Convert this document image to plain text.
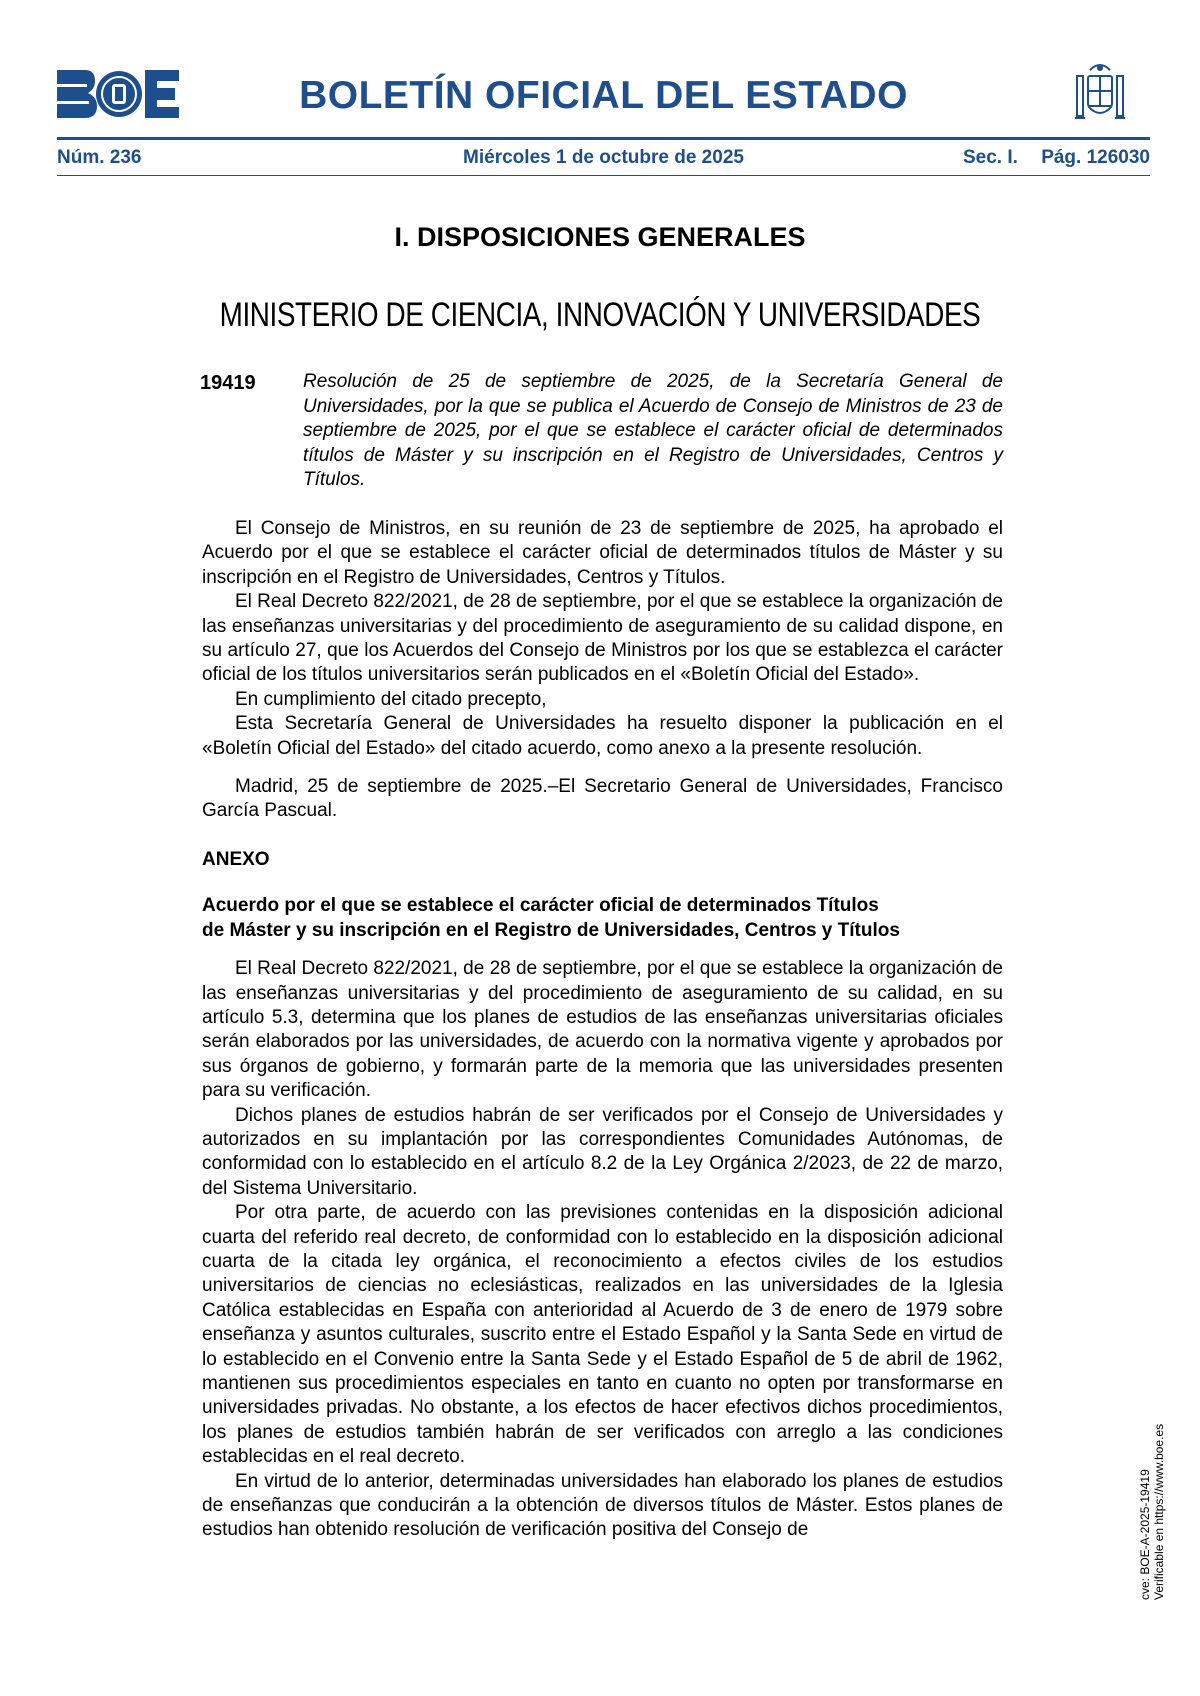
BOLETÍN OFICIAL DEL ESTADO
Núm. 236	Miércoles 1 de octubre de 2025	Sec. I. Pág. 126030
I. DISPOSICIONES GENERALES
MINISTERIO DE CIENCIA, INNOVACIÓN Y UNIVERSIDADES
19419 Resolución de 25 de septiembre de 2025, de la Secretaría General de Universidades, por la que se publica el Acuerdo de Consejo de Ministros de 23 de septiembre de 2025, por el que se establece el carácter oficial de determinados títulos de Máster y su inscripción en el Registro de Universidades, Centros y Títulos.

El Consejo de Ministros, en su reunión de 23 de septiembre de 2025, ha aprobado el Acuerdo por el que se establece el carácter oficial de determinados títulos de Máster y su inscripción en el Registro de Universidades, Centros y Títulos.

El Real Decreto 822/2021, de 28 de septiembre, por el que se establece la organización de las enseñanzas universitarias y del procedimiento de aseguramiento de su calidad dispone, en su artículo 27, que los Acuerdos del Consejo de Ministros por los que se establezca el carácter oficial de los títulos universitarios serán publicados en el «Boletín Oficial del Estado».

En cumplimiento del citado precepto,

Esta Secretaría General de Universidades ha resuelto disponer la publicación en el «Boletín Oficial del Estado» del citado acuerdo, como anexo a la presente resolución.

Madrid, 25 de septiembre de 2025.–El Secretario General de Universidades, Francisco García Pascual.

ANEXO

Acuerdo por el que se establece el carácter oficial de determinados Títulos

de Máster y su inscripción en el Registro de Universidades, Centros y Títulos

El Real Decreto 822/2021, de 28 de septiembre, por el que se establece la organización de las enseñanzas universitarias y del procedimiento de aseguramiento de su calidad, en su artículo 5.3, determina que los planes de estudios de las enseñanzas universitarias oficiales serán elaborados por las universidades, de acuerdo con la normativa vigente y aprobados por sus órganos de gobierno, y formarán parte de la memoria que las universidades presenten para su verificación.

Dichos planes de estudios habrán de ser verificados por el Consejo de Universidades y autorizados en su implantación por las correspondientes Comunidades Autónomas, de conformidad con lo establecido en el artículo 8.2 de la Ley Orgánica 2/2023, de 22 de marzo, del Sistema Universitario.

Por otra parte, de acuerdo con las previsiones contenidas en la disposición adicional cuarta del referido real decreto, de conformidad con lo establecido en la disposición adicional cuarta de la citada ley orgánica, el reconocimiento a efectos civiles de los estudios universitarios de ciencias no eclesiásticas, realizados en las universidades de la Iglesia Católica establecidas en España con anterioridad al Acuerdo de 3 de enero de 1979 sobre enseñanza y asuntos culturales, suscrito entre el Estado Español y la Santa Sede en virtud de lo establecido en el Convenio entre la Santa Sede y el Estado Español de 5 de abril de 1962, mantienen sus procedimientos especiales en tanto en cuanto no opten por transformarse en universidades privadas. No obstante, a los efectos de hacer efectivos dichos procedimientos, los planes de estudios también habrán de ser verificados con arreglo a las condiciones establecidas en el real decreto.

En virtud de lo anterior, determinadas universidades han elaborado los planes de estudios de enseñanzas que conducirán a la obtención de diversos títulos de Máster. Estos planes de estudios han obtenido resolución de verificación positiva del Consejo de	cve: BOE-A-2025-19419 Verificable en https://www.boe.es
